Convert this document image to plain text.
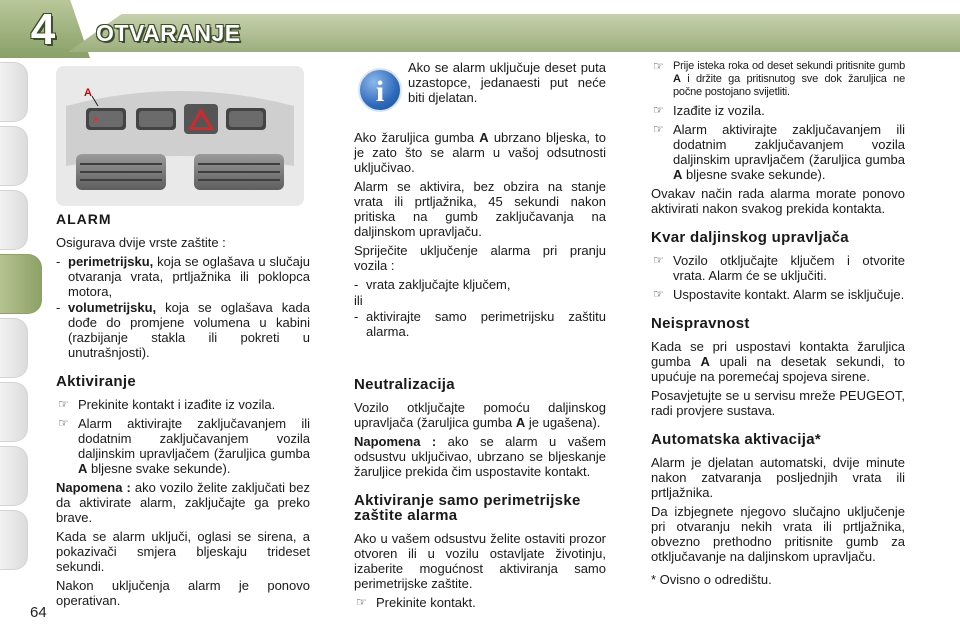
4	OTVARANJE
64
A
ALARM

Osigurava dvije vrste zaštite :

- perimetrijsku, koja se oglašava u slučaju otvaranja vrata, prtljažnika ili poklopca motora,
- volumetrijsku, koja se oglašava kada dođe do promjene volumena u kabini (razbijanje stakla ili pokreti u unutrašnjosti).
Aktiviranje
☞ Prekinite kontakt i izađite iz vozila.
☞ Alarm aktivirajte zaključavanjem ili dodatnim zaključavanjem vozila daljinskim upravljačem (žaruljica gumba A bljesne svake sekunde).

Napomena : ako vozilo želite zaključati bez da aktivirate alarm, zaključajte ga preko brave.

Kada se alarm uključi, oglasi se sirena, a pokazivači smjera bljeskaju trideset sekundi.

Nakon uključenja alarm je ponovo operativan.

i
Ako se alarm uključuje deset puta uzastopce, jedanaesti put neće biti djelatan.

Ako žaruljica gumba A ubrzano bljeska, to je zato što se alarm u vašoj odsutnosti uključivao.

Alarm se aktivira, bez obzira na stanje vrata ili prtljažnika, 45 sekundi nakon pritiska na gumb zaključavanja na daljinskom upravljaču.

Spriječite uključenje alarma pri pranju vozila :

- vrata zaključajte ključem,

ili

- aktivirajte samo perimetrijsku zaštitu alarma.
Neutralizacija

Vozilo otključajte pomoću daljinskog upravljača (žaruljica gumba A je ugašena).

Napomena : ako se alarm u vašem odsustvu uključivao, ubrzano se bljeskanje žaruljice prekida čim uspostavite kontakt.

Aktiviranje samo perimetrijske zaštite alarma

Ako u vašem odsustvu želite ostaviti prozor otvoren ili u vozilu ostavljate životinju, izaberite mogućnost aktiviranja samo perimetrijske zaštite.

☞ Prekinite kontakt.
☞ Prije isteka roka od deset sekundi pritisnite gumb A i držite ga pritisnutog sve dok žaruljica ne počne postojano svijetliti.
☞ Izađite iz vozila.
☞ Alarm aktivirajte zaključavanjem ili dodatnim zaključavanjem vozila daljinskim upravljačem (žaruljica gumba A bljesne svake sekunde).

Ovakav način rada alarma morate ponovo aktivirati nakon svakog prekida kontakta.

Kvar daljinskog upravljača
☞ Vozilo otključajte ključem i otvorite vrata. Alarm će se uključiti.
☞ Uspostavite kontakt. Alarm se isključuje.
Neispravnost

Kada se pri uspostavi kontakta žaruljica gumba A upali na desetak sekundi, to upućuje na poremećaj spojeva sirene.

Posavjetujte se u servisu mreže PEUGEOT, radi provjere sustava.

Automatska aktivacija*

Alarm je djelatan automatski, dvije minute nakon zatvaranja posljednjih vrata ili prtljažnika.

Da izbjegnete njegovo slučajno uključenje pri otvaranju nekih vrata ili prtljažnika, obvezno prethodno pritisnite gumb za otključavanje na daljinskom upravljaču.

* Ovisno o odredištu.
